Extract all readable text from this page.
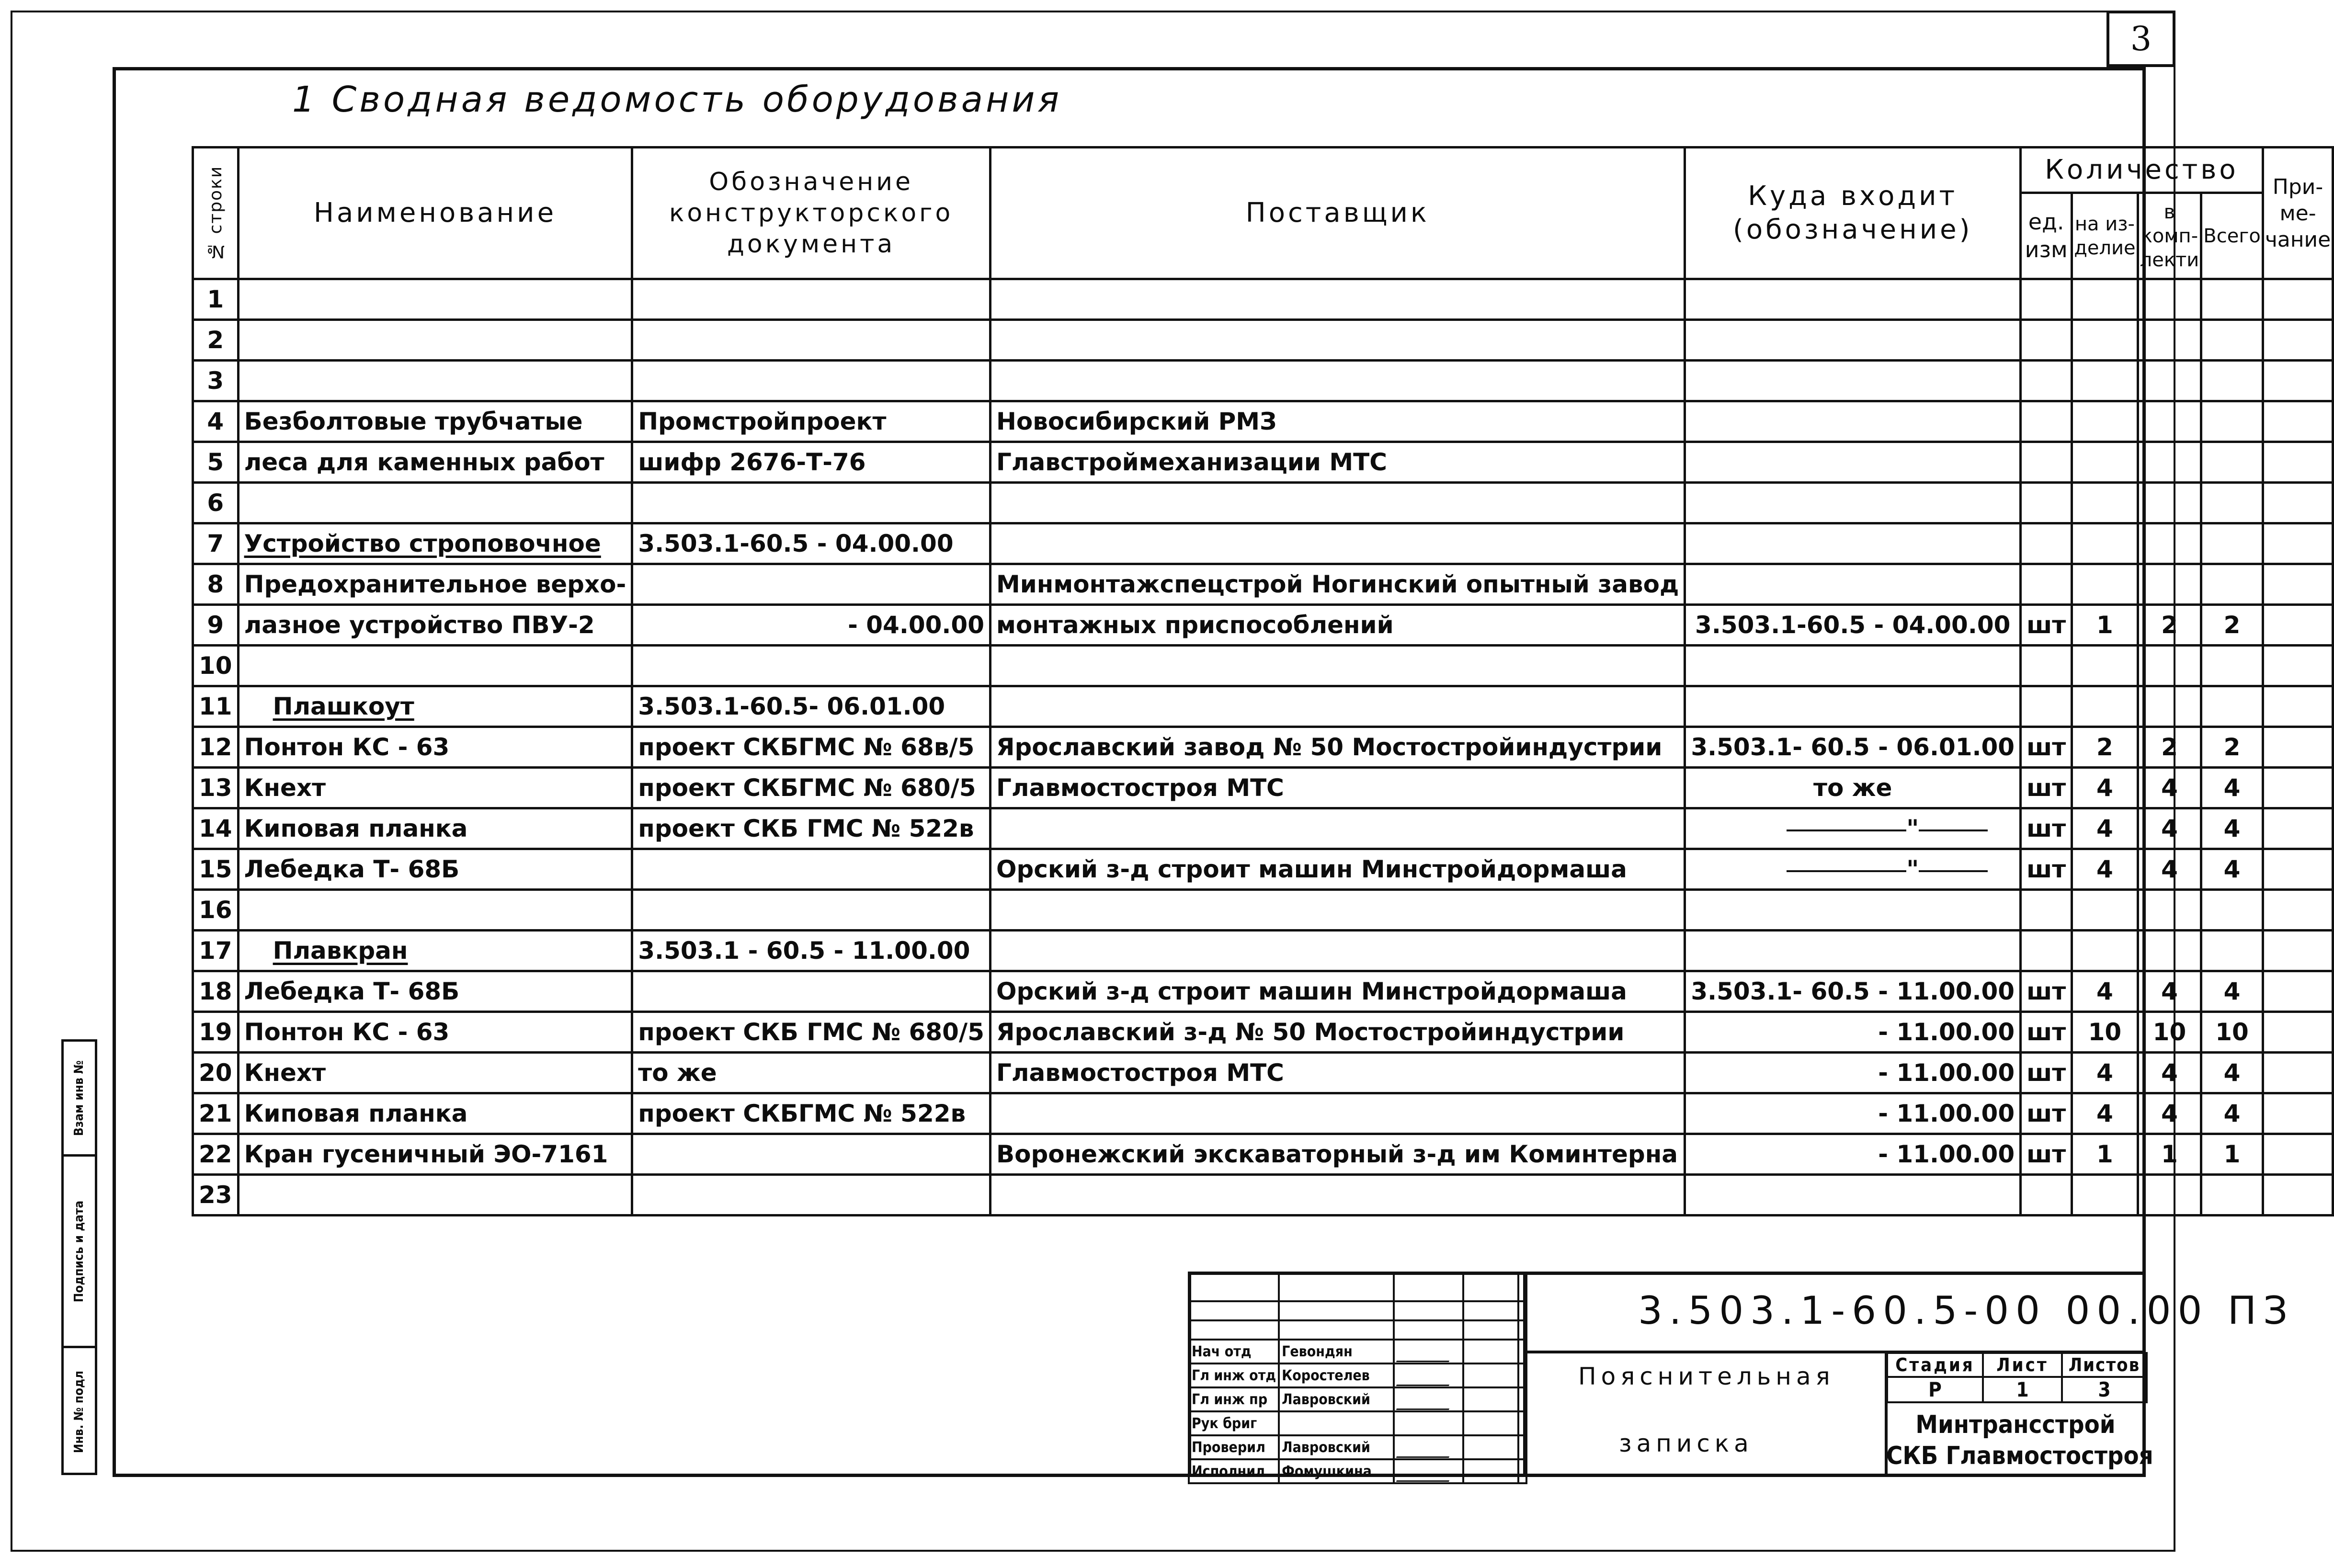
3
1 Сводная ведомость оборудования
Взам инв №
Подпись и дата
Инв. № подл
№ строки	Наименование	Обозначение конструкторского документа	Поставщик	Куда входит (обозначение)	Количество				При-ме-чание
					ед. изм	на из-делие	в комп-лекти	Всего	
1									
2									
3									
4	Безболтовые трубчатые	Промстройпроект	Новосибирский РМЗ						
5	леса для каменных работ	шифр 2676-Т-76	Главстроймеханизации МТС						
6									
7	Устройство строповочное	3.503.1-60.5 - 04.00.00							
8	Предохранительное верхо-		Минмонтажспецстрой Ногинский опытный завод						
9	лазное устройство ПВУ-2	- 04.00.00	монтажных приспособлений	3.503.1-60.5 - 04.00.00	шт	1	2	2	
10									
11	Плашкоут	3.503.1-60.5- 06.01.00							
12	Понтон КС - 63	проект СКБГМС № 68в/5	Ярославский завод № 50 Мостостройиндустрии	3.503.1- 60.5 - 06.01.00	шт	2	2	2	
13	Кнехт	проект СКБГМС № 680/5	Главмостостроя МТС	то же	шт	4	4	4	
14	Киповая планка	проект СКБ ГМС № 522в		"	шт	4	4	4	
15	Лебедка Т- 68Б		Орский з-д строит машин Минстройдормаша	"	шт	4	4	4	
16									
17	Плавкран	3.503.1 - 60.5 - 11.00.00							
18	Лебедка Т- 68Б		Орский з-д строит машин Минстройдормаша	3.503.1- 60.5 - 11.00.00	шт	4	4	4	
19	Понтон КС - 63	проект СКБ ГМС № 680/5	Ярославский з-д № 50 Мостостройиндустрии	- 11.00.00	шт	10	10	10	
20	Кнехт	то же	Главмостостроя МТС	- 11.00.00	шт	4	4	4	
21	Киповая планка	проект СКБГМС № 522в		- 11.00.00	шт	4	4	4	
22	Кран гусеничный ЭО-7161		Воронежский экскаваторный з-д им Коминтерна	- 11.00.00	шт	1	1	1	
23									

Нач отд	Гевондян	

Гл инж отд	Коростелев	

Гл инж пр	Лавровский	

Рук бриг				
Проверил	Лавровский	

Исполнил	Фомушкина	

3.503.1-60.5-00 00.00 ПЗ
Пояснительная
записка
Стадия	Лист	Листов
Р	1	3
Минтрансстрой
СКБ Главмостостроя
